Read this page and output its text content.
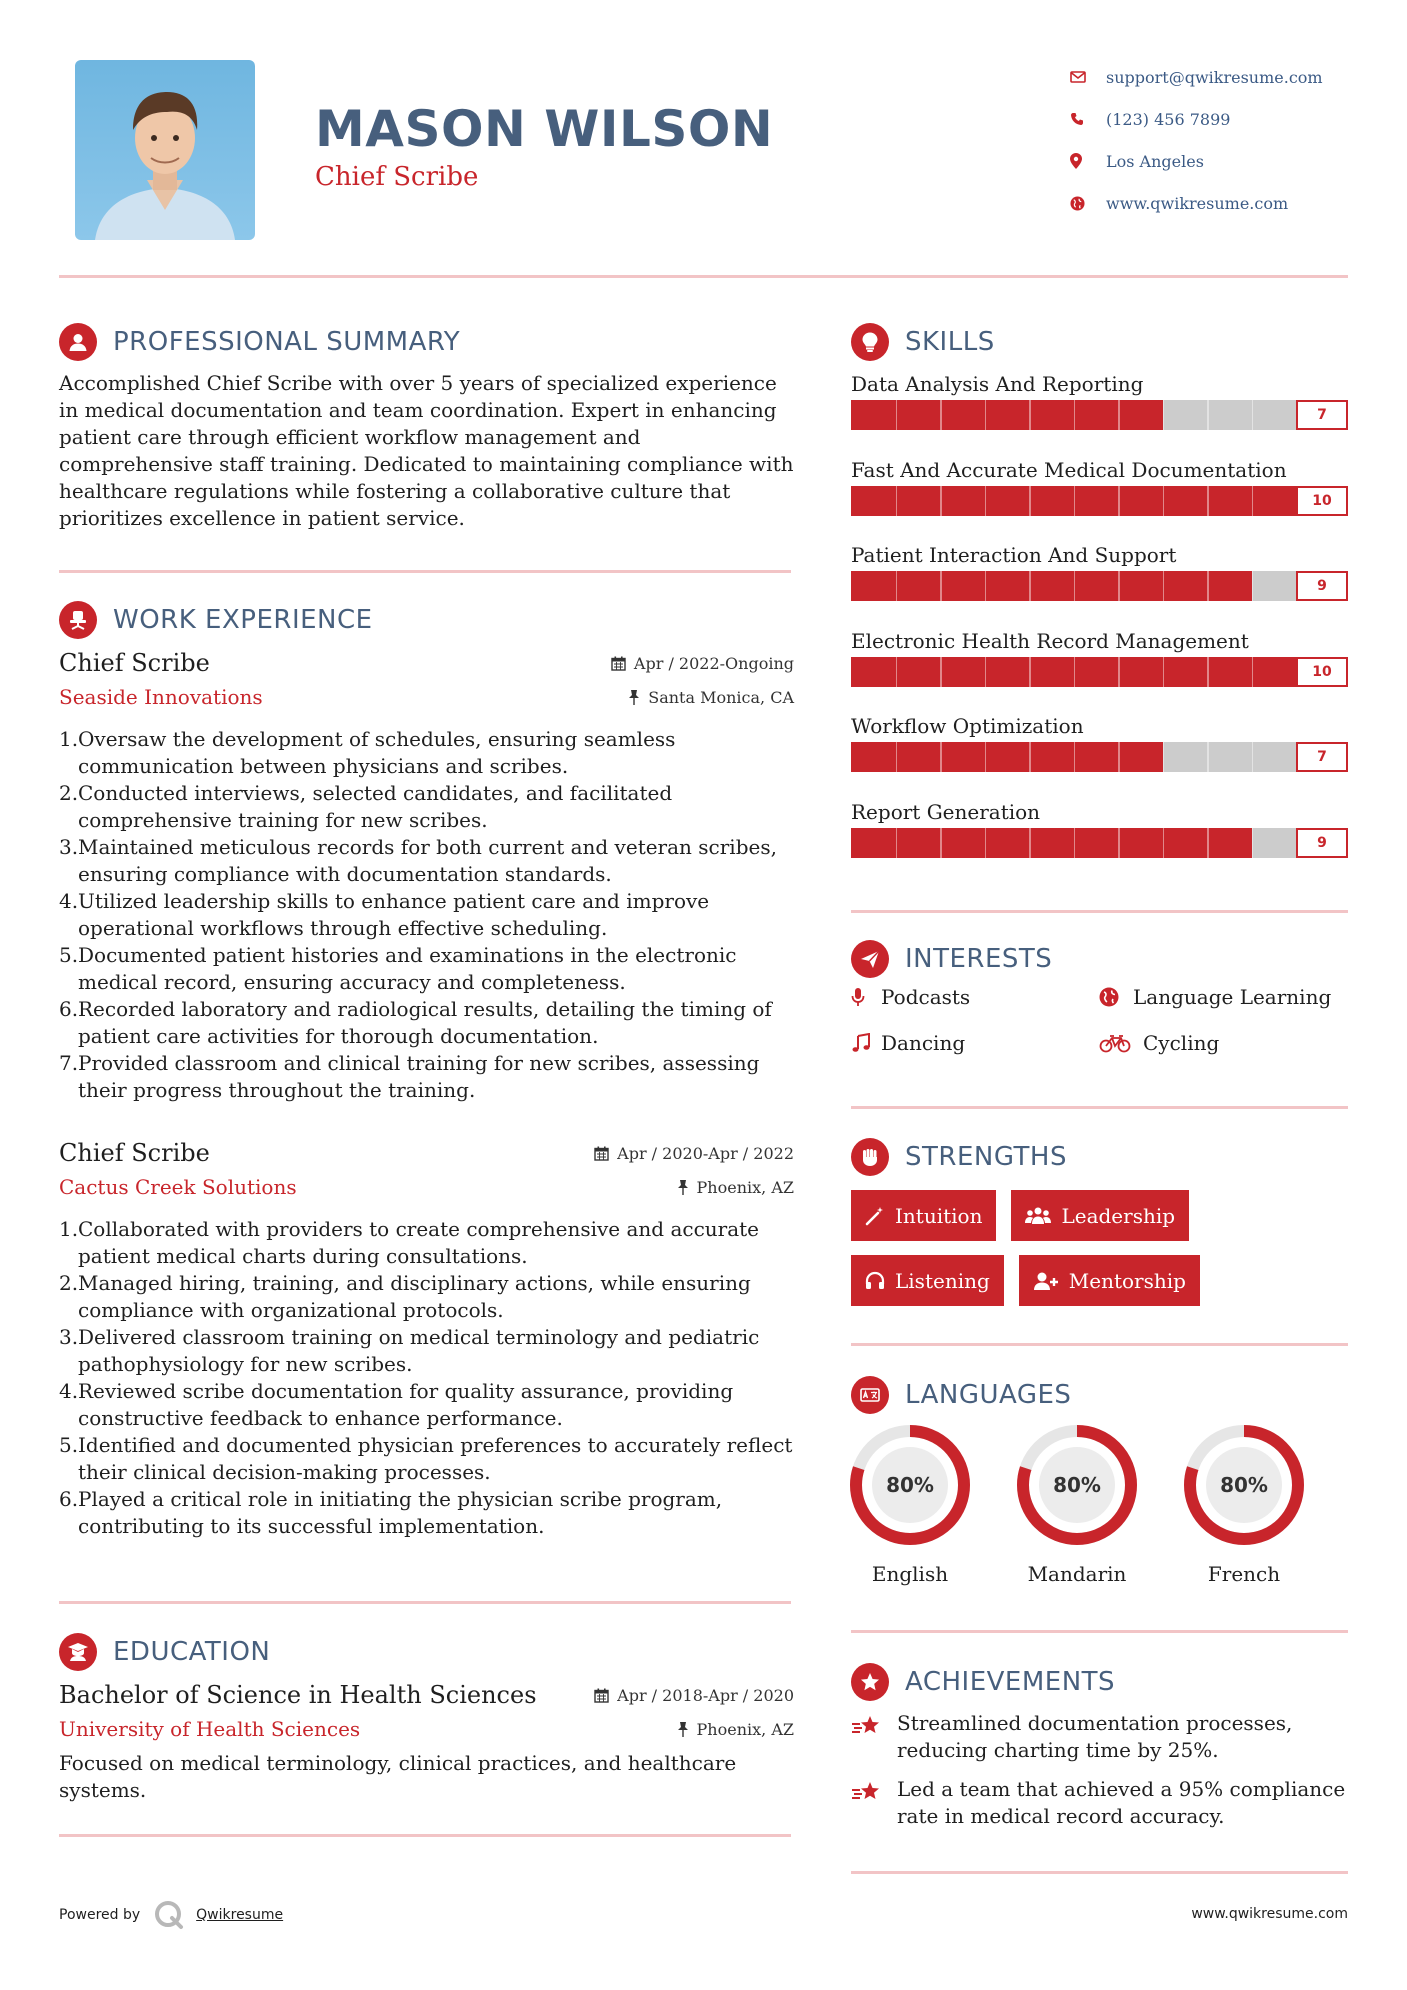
MASON WILSON
Chief Scribe
support@qwikresume.com
(123) 456 7899
Los Angeles
www.qwikresume.com
PROFESSIONAL SUMMARY
Accomplished Chief Scribe with over 5 years of specialized experience in medical documentation and team coordination. Expert in enhancing patient care through efficient workflow management and comprehensive staff training. Dedicated to maintaining compliance with healthcare regulations while fostering a collaborative culture that prioritizes excellence in patient service.
WORK EXPERIENCE
Chief Scribe	Apr / 2022-Ongoing
Seaside Innovations	Santa Monica, CA
1. Oversaw the development of schedules, ensuring seamless communication between physicians and scribes.
2. Conducted interviews, selected candidates, and facilitated comprehensive training for new scribes.
3. Maintained meticulous records for both current and veteran scribes, ensuring compliance with documentation standards.
4. Utilized leadership skills to enhance patient care and improve operational workflows through effective scheduling.
5. Documented patient histories and examinations in the electronic medical record, ensuring accuracy and completeness.
6. Recorded laboratory and radiological results, detailing the timing of patient care activities for thorough documentation.
7. Provided classroom and clinical training for new scribes, assessing their progress throughout the training.
Chief Scribe	Apr / 2020-Apr / 2022
Cactus Creek Solutions	Phoenix, AZ
1. Collaborated with providers to create comprehensive and accurate patient medical charts during consultations.
2. Managed hiring, training, and disciplinary actions, while ensuring compliance with organizational protocols.
3. Delivered classroom training on medical terminology and pediatric pathophysiology for new scribes.
4. Reviewed scribe documentation for quality assurance, providing constructive feedback to enhance performance.
5. Identified and documented physician preferences to accurately reflect their clinical decision-making processes.
6. Played a critical role in initiating the physician scribe program, contributing to its successful implementation.
EDUCATION
Bachelor of Science in Health Sciences	Apr / 2018-Apr / 2020
University of Health Sciences	Phoenix, AZ
Focused on medical terminology, clinical practices, and healthcare systems.
SKILLS
Data Analysis And Reporting
7
Fast And Accurate Medical Documentation
10
Patient Interaction And Support
9
Electronic Health Record Management
10
Workflow Optimization
7
Report Generation
9
INTERESTS
Podcasts	Language Learning
Dancing	Cycling
STRENGTHS
Intuition	Leadership
Listening	Mentorship
LANGUAGES
80%
English
80%
Mandarin
80%
French
ACHIEVEMENTS
Streamlined documentation processes, reducing charting time by 25%.
Led a team that achieved a 95% compliance rate in medical record accuracy.
Powered by	Qwikresume	www.qwikresume.com
